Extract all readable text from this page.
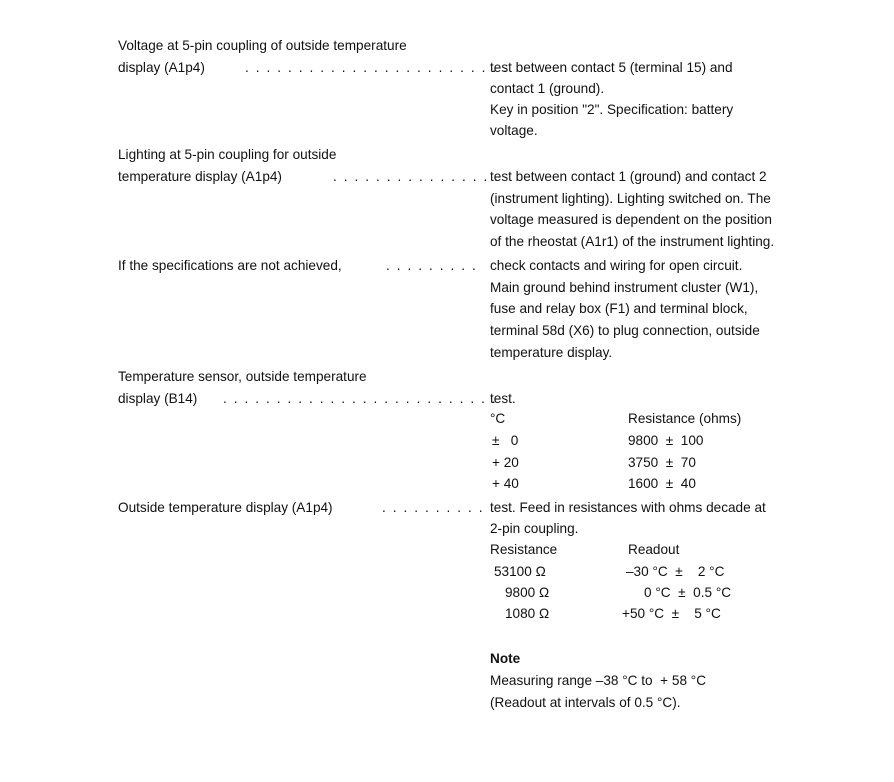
Voltage at 5-pin coupling of outside temperature
display (A1p4)	. . . . . . . . . . . . . . . . . . . . . . . . .
test between contact 5 (terminal 15) and
contact 1 (ground).
Key in position "2". Specification: battery
voltage.
Lighting at 5-pin coupling for outside
temperature display (A1p4)	. . . . . . . . . . . . . . . .
test between contact 1 (ground) and contact 2
(instrument lighting). Lighting switched on. The
voltage measured is dependent on the position
of the rheostat (A1r1) of the instrument lighting.
If the specifications are not achieved,	. . . . . . . . . check contacts and wiring for open circuit.
Main ground behind instrument cluster (W1),
fuse and relay box (F1) and terminal block,
terminal 58d (X6) to plug connection, outside
temperature display.
Temperature sensor, outside temperature
display (B14) . . . . . . . . . . . . . . . . . . . . . . . . . .
test.
°C	Resistance (ohms)
±   0	9800  ±  100
+ 20	3750  ±  70
+ 40	1600  ±  40
Outside temperature display (A1p4)	. . . . . . . . . . test. Feed in resistances with ohms decade at
2-pin coupling.
Resistance	Readout
53100 Ω	–30 °C  ±    2 °C
9800 Ω	0 °C  ±  0.5 °C
1080 Ω	+50 °C  ±    5 °C
Note
Measuring range –38 °C to  + 58 °C
(Readout at intervals of 0.5 °C).
